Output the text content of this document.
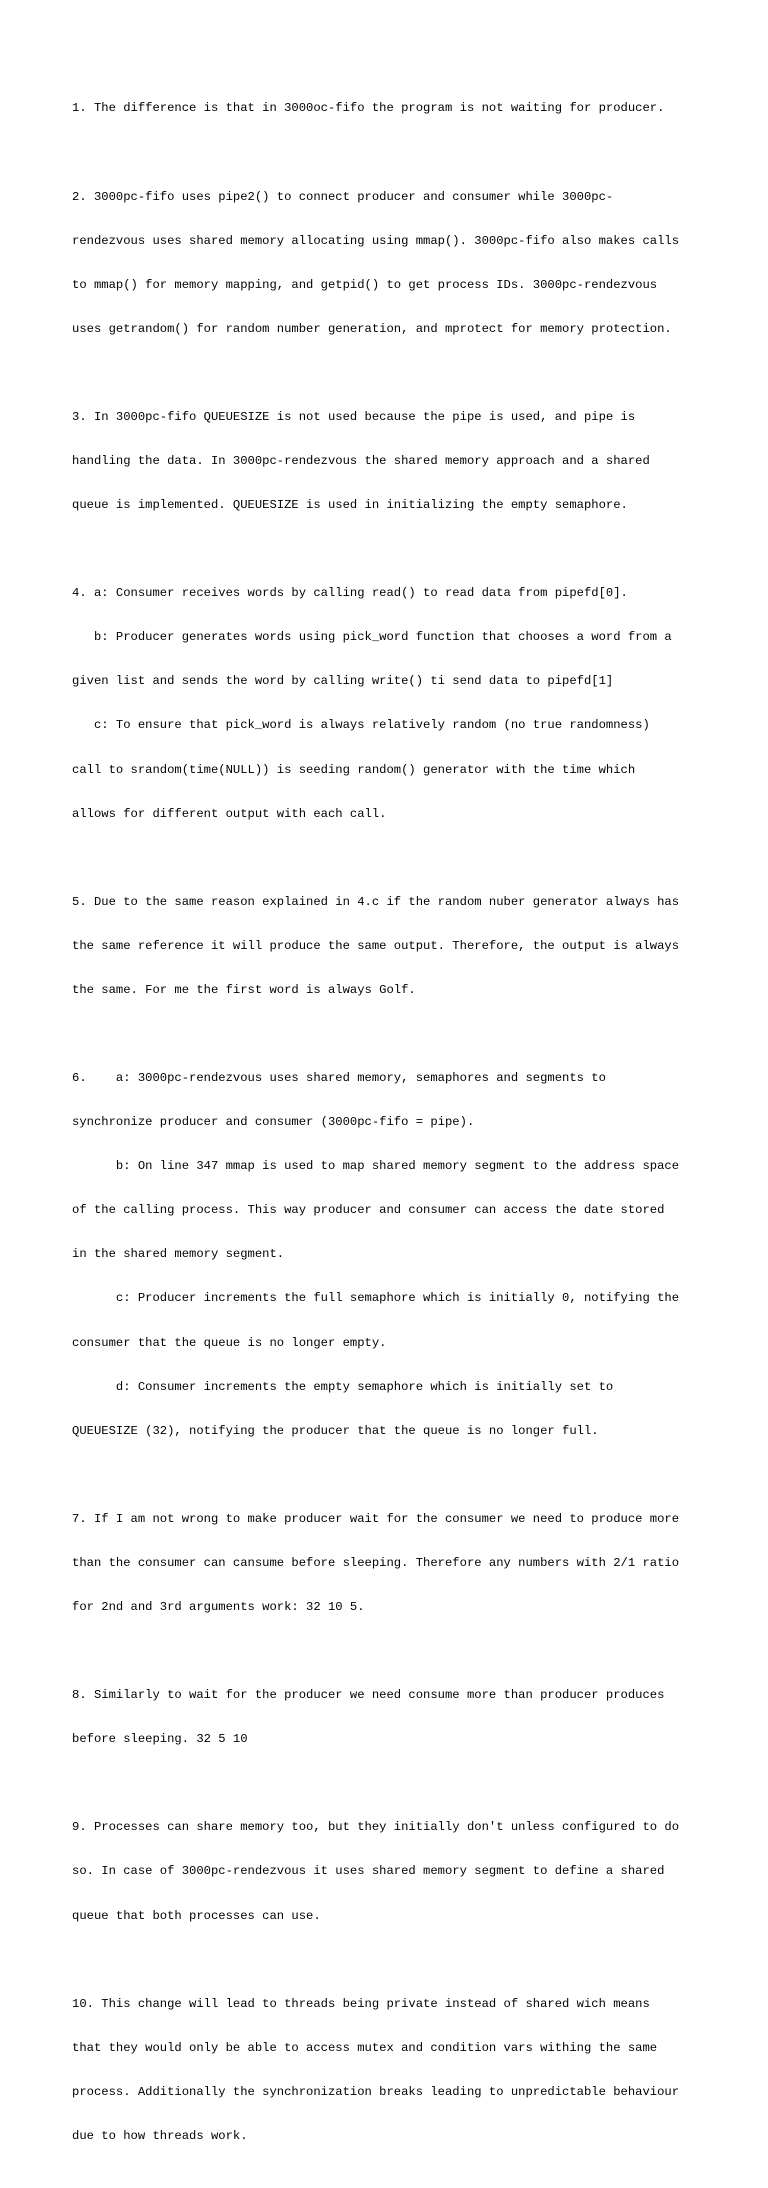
1. The difference is that in 3000oc-fifo the program is not waiting for producer.

2. 3000pc-fifo uses pipe2() to connect producer and consumer while 3000pc-

rendezvous uses shared memory allocating using mmap(). 3000pc-fifo also makes calls

to mmap() for memory mapping, and getpid() to get process IDs. 3000pc-rendezvous

uses getrandom() for random number generation, and mprotect for memory protection.

3. In 3000pc-fifo QUEUESIZE is not used because the pipe is used, and pipe is

handling the data. In 3000pc-rendezvous the shared memory approach and a shared

queue is implemented. QUEUESIZE is used in initializing the empty semaphore.

4. a: Consumer receives words by calling read() to read data from pipefd[0].

b: Producer generates words using pick_word function that chooses a word from a

given list and sends the word by calling write() ti send data to pipefd[1]

c: To ensure that pick_word is always relatively random (no true randomness)

call to srandom(time(NULL)) is seeding random() generator with the time which

allows for different output with each call.

5. Due to the same reason explained in 4.c if the random nuber generator always has

the same reference it will produce the same output. Therefore, the output is always

the same. For me the first word is always Golf.

6.    a: 3000pc-rendezvous uses shared memory, semaphores and segments to

synchronize producer and consumer (3000pc-fifo = pipe).

b: On line 347 mmap is used to map shared memory segment to the address space

of the calling process. This way producer and consumer can access the date stored

in the shared memory segment.

c: Producer increments the full semaphore which is initially 0, notifying the

consumer that the queue is no longer empty.

d: Consumer increments the empty semaphore which is initially set to

QUEUESIZE (32), notifying the producer that the queue is no longer full.

7. If I am not wrong to make producer wait for the consumer we need to produce more

than the consumer can cansume before sleeping. Therefore any numbers with 2/1 ratio

for 2nd and 3rd arguments work: 32 10 5.

8. Similarly to wait for the producer we need consume more than producer produces

before sleeping. 32 5 10

9. Processes can share memory too, but they initially don't unless configured to do

so. In case of 3000pc-rendezvous it uses shared memory segment to define a shared

queue that both processes can use.

10. This change will lead to threads being private instead of shared wich means

that they would only be able to access mutex and condition vars withing the same

process. Additionally the synchronization breaks leading to unpredictable behaviour

due to how threads work.
